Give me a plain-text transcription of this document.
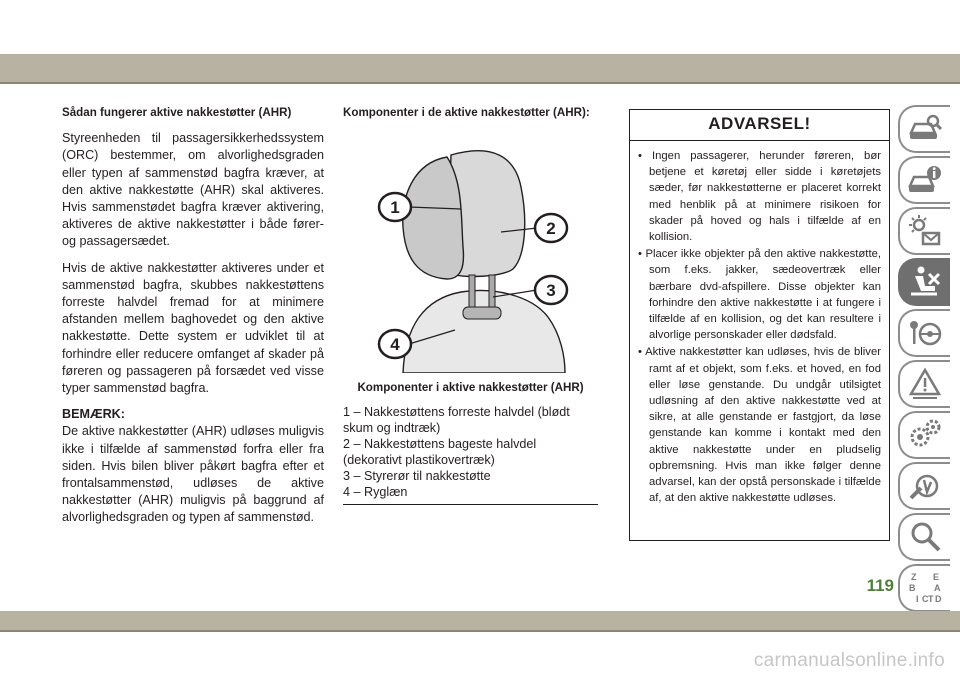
Sådan fungerer aktive nakkestøtter (AHR)

Styreenheden til passagersikkerhedssystem (ORC) bestemmer, om alvorlighedsgraden eller typen af sammenstød bagfra kræver, at den aktive nakkestøtte (AHR) skal aktiveres. Hvis sammenstødet bagfra kræver aktivering, aktiveres de aktive nakkestøtter i både fører- og passagersædet.

Hvis de aktive nakkestøtter aktiveres under et sammenstød bagfra, skubbes nakkestøttens forreste halvdel fremad for at minimere afstanden mellem baghovedet og den aktive nakkestøtte. Dette system er udviklet til at forhindre eller reducere omfanget af skader på føreren og passageren på forsædet ved visse typer sammenstød bagfra.

BEMÆRK:
De aktive nakkestøtter (AHR) udløses muligvis ikke i tilfælde af sammenstød forfra eller fra siden. Hvis bilen bliver påkørt bagfra efter et frontalsammenstød, udløses de aktive nakkestøtter (AHR) muligvis på baggrund af alvorlighedsgraden og typen af sammenstød.

Komponenter i de aktive nakkestøtter (AHR):
1
2
3
4
Komponenter i aktive nakkestøtter (AHR)
1 – Nakkestøttens forreste halvdel (blødt skum og indtræk)
2 – Nakkestøttens bageste halvdel (dekorativt plastikovertræk)
3 – Styrerør til nakkestøtte
4 – Ryglæn
ADVARSEL!
• Ingen passagerer, herunder føreren, bør betjene et køretøj eller sidde i køretøjets sæder, før nakkestøtterne er placeret korrekt med henblik på at minimere risikoen for skader på hoved og hals i tilfælde af en kollision.
• Placer ikke objekter på den aktive nakkestøtte, som f.eks. jakker, sædeovertræk eller bærbare dvd-afspillere. Disse objekter kan forhindre den aktive nakkestøtte i at fungere i tilfælde af en kollision, og det kan resultere i alvorlige personskader eller dødsfald.
• Aktive nakkestøtter kan udløses, hvis de bliver ramt af et objekt, som f.eks. et hoved, en fod eller løse genstande. Du undgår utilsigtet udløsning af den aktive nakkestøtte ved at sikre, at alle genstande er fastgjort, da løse genstande kan komme i kontakt med den aktive nakkestøtte under en pludselig opbremsning. Hvis man ikke følger denne advarsel, kan der opstå personskade i tilfælde af, at den aktive nakkestøtte udløses.
Z E
B A
I C T D
119
carmanualsonline.info
